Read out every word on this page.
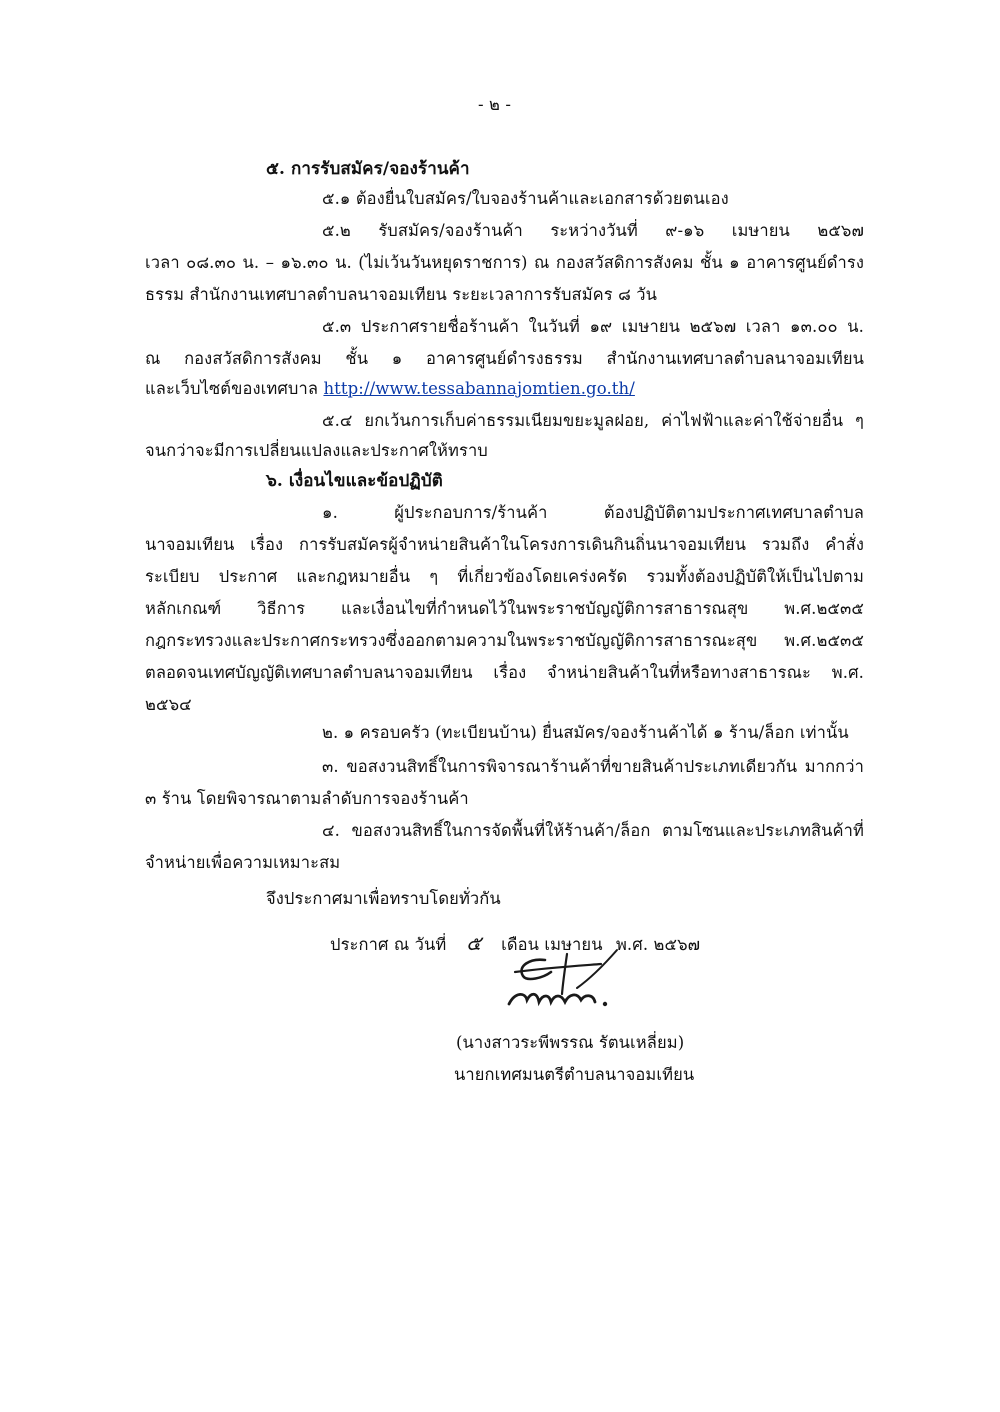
- ๒ -
๕. การรับสมัคร/จองร้านค้า
๕.๑ ต้องยื่นใบสมัคร/ใบจองร้านค้าและเอกสารด้วยตนเอง
๕.๒ รับสมัคร/จองร้านค้า ระหว่างวันที่ ๙-๑๖ เมษายน ๒๕๖๗
เวลา ๐๘.๓๐ น. – ๑๖.๓๐ น. (ไม่เว้นวันหยุดราชการ) ณ กองสวัสดิการสังคม ชั้น ๑ อาคารศูนย์ดำรง
ธรรม สำนักงานเทศบาลตำบลนาจอมเทียน ระยะเวลาการรับสมัคร ๘ วัน
๕.๓ ประกาศรายชื่อร้านค้า ในวันที่ ๑๙ เมษายน ๒๕๖๗ เวลา ๑๓.๐๐ น.
ณ กองสวัสดิการสังคม ชั้น ๑ อาคารศูนย์ดำรงธรรม สำนักงานเทศบาลตำบลนาจอมเทียน
และเว็บไซต์ของเทศบาล http://www.tessabannajomtien.go.th/
๕.๔ ยกเว้นการเก็บค่าธรรมเนียมขยะมูลฝอย, ค่าไฟฟ้าและค่าใช้จ่ายอื่น ๆ
จนกว่าจะมีการเปลี่ยนแปลงและประกาศให้ทราบ
๖. เงื่อนไขและข้อปฏิบัติ
๑. ผู้ประกอบการ/ร้านค้า ต้องปฏิบัติตามประกาศเทศบาลตำบล
นาจอมเทียน เรื่อง การรับสมัครผู้จำหน่ายสินค้าในโครงการเดินกินถิ่นนาจอมเทียน รวมถึง คำสั่ง
ระเบียบ ประกาศ และกฎหมายอื่น ๆ ที่เกี่ยวข้องโดยเคร่งครัด รวมทั้งต้องปฏิบัติให้เป็นไปตาม
หลักเกณฑ์ วิธีการ และเงื่อนไขที่กำหนดไว้ในพระราชบัญญัติการสาธารณสุข พ.ศ.๒๕๓๕
กฎกระทรวงและประกาศกระทรวงซึ่งออกตามความในพระราชบัญญัติการสาธารณะสุข พ.ศ.๒๕๓๕
ตลอดจนเทศบัญญัติเทศบาลตำบลนาจอมเทียน เรื่อง จำหน่ายสินค้าในที่หรือทางสาธารณะ พ.ศ.
๒๕๖๔
๒. ๑ ครอบครัว (ทะเบียนบ้าน) ยื่นสมัคร/จองร้านค้าได้ ๑ ร้าน/ล็อก เท่านั้น
๓. ขอสงวนสิทธิ์ในการพิจารณาร้านค้าที่ขายสินค้าประเภทเดียวกัน มากกว่า
๓ ร้าน โดยพิจารณาตามลำดับการจองร้านค้า
๔. ขอสงวนสิทธิ์ในการจัดพื้นที่ให้ร้านค้า/ล็อก ตามโซนและประเภทสินค้าที่
จำหน่ายเพื่อความเหมาะสม
จึงประกาศมาเพื่อทราบโดยทั่วกัน
ประกาศ ณ วันที่ ๕ เดือน เมษายน พ.ศ. ๒๕๖๗
(นางสาวระพีพรรณ รัตนเหลี่ยม)
นายกเทศมนตรีตำบลนาจอมเทียน
